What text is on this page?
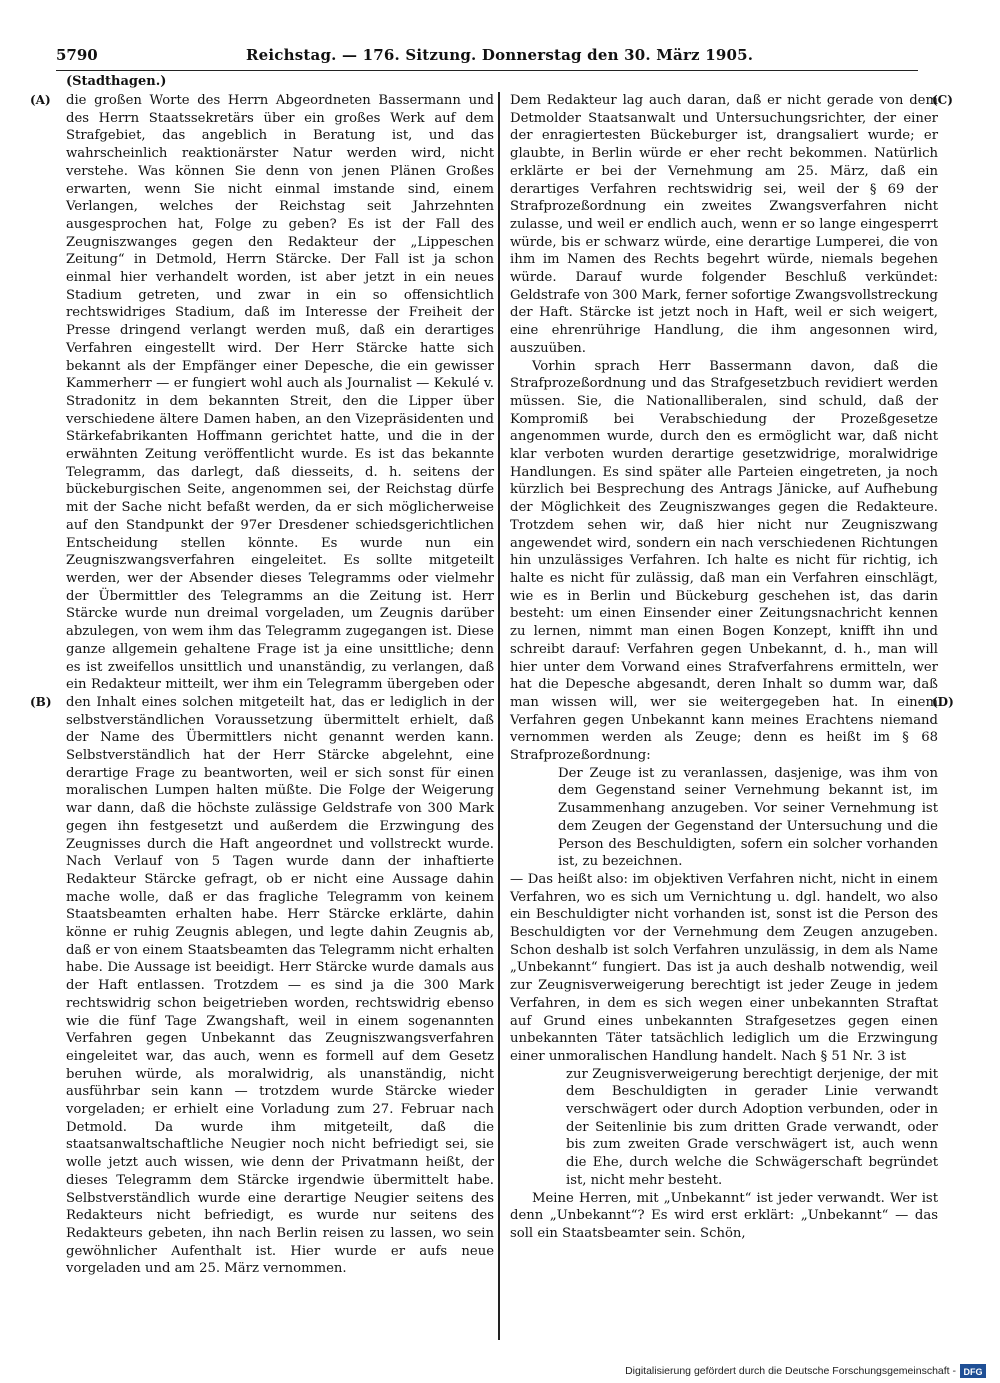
5790	Reichstag. — 176. Sitzung. Donnerstag den 30. März 1905.
(Stadthagen.)
(A)
(B)
(C)
(D)

die großen Worte des Herrn Abgeordneten Bassermann und des Herrn Staatssekretärs über ein großes Werk auf dem Strafgebiet, das angeblich in Beratung ist, und das wahrscheinlich reaktionärster Natur werden wird, nicht verstehe. Was können Sie denn von jenen Plänen Großes erwarten, wenn Sie nicht einmal imstande sind, einem Verlangen, welches der Reichstag seit Jahrzehnten ausgesprochen hat, Folge zu geben? Es ist der Fall des Zeugniszwanges gegen den Redakteur der „Lippeschen Zeitung“ in Detmold, Herrn Stärcke. Der Fall ist ja schon einmal hier verhandelt worden, ist aber jetzt in ein neues Stadium getreten, und zwar in ein so offensichtlich rechtswidriges Stadium, daß im Interesse der Freiheit der Presse dringend verlangt werden muß, daß ein derartiges Verfahren eingestellt wird. Der Herr Stärcke hatte sich bekannt als der Empfänger einer Depesche, die ein gewisser Kammerherr — er fungiert wohl auch als Journalist — Kekulé v. Stradonitz in dem bekannten Streit, den die Lipper über verschiedene ältere Damen haben, an den Vizepräsidenten und Stärkefabrikanten Hoffmann gerichtet hatte, und die in der erwähnten Zeitung veröffentlicht wurde. Es ist das bekannte Telegramm, das darlegt, daß diesseits, d. h. seitens der bückeburgischen Seite, angenommen sei, der Reichstag dürfe mit der Sache nicht befaßt werden, da er sich möglicherweise auf den Standpunkt der 97er Dresdener schiedsgerichtlichen Entscheidung stellen könnte. Es wurde nun ein Zeugniszwangsverfahren eingeleitet. Es sollte mitgeteilt werden, wer der Absender dieses Telegramms oder vielmehr der Übermittler des Telegramms an die Zeitung ist. Herr Stärcke wurde nun dreimal vorgeladen, um Zeugnis darüber abzulegen, von wem ihm das Telegramm zugegangen ist. Diese ganze allgemein gehaltene Frage ist ja eine unsittliche; denn es ist zweifellos unsittlich und unanständig, zu verlangen, daß ein Redakteur mitteilt, wer ihm ein Telegramm übergeben oder den Inhalt eines solchen mitgeteilt hat, das er lediglich in der selbstverständlichen Voraussetzung übermittelt erhielt, daß der Name des Übermittlers nicht genannt werden kann. Selbstverständlich hat der Herr Stärcke abgelehnt, eine derartige Frage zu beantworten, weil er sich sonst für einen moralischen Lumpen halten müßte. Die Folge der Weigerung war dann, daß die höchste zulässige Geldstrafe von 300 Mark gegen ihn festgesetzt und außerdem die Erzwingung des Zeugnisses durch die Haft angeordnet und vollstreckt wurde. Nach Verlauf von 5 Tagen wurde dann der inhaftierte Redakteur Stärcke gefragt, ob er nicht eine Aussage dahin mache wolle, daß er das fragliche Telegramm von keinem Staatsbeamten erhalten habe. Herr Stärcke erklärte, dahin könne er ruhig Zeugnis ablegen, und legte dahin Zeugnis ab, daß er von einem Staatsbeamten das Telegramm nicht erhalten habe. Die Aussage ist beeidigt. Herr Stärcke wurde damals aus der Haft entlassen. Trotzdem — es sind ja die 300 Mark rechtswidrig schon beigetrieben worden, rechtswidrig ebenso wie die fünf Tage Zwangshaft, weil in einem sogenannten Verfahren gegen Unbekannt das Zeugniszwangsverfahren eingeleitet war, das auch, wenn es formell auf dem Gesetz beruhen würde, als moralwidrig, als unanständig, nicht ausführbar sein kann — trotzdem wurde Stärcke wieder vorgeladen; er erhielt eine Vorladung zum 27. Februar nach Detmold. Da wurde ihm mitgeteilt, daß die staatsanwaltschaftliche Neugier noch nicht befriedigt sei, sie wolle jetzt auch wissen, wie denn der Privatmann heißt, der dieses Telegramm dem Stärcke irgendwie übermittelt habe. Selbstverständlich wurde eine derartige Neugier seitens des Redakteurs nicht befriedigt, es wurde nur seitens des Redakteurs gebeten, ihn nach Berlin reisen zu lassen, wo sein gewöhnlicher Aufenthalt ist. Hier wurde er aufs neue vorgeladen und am 25. März vernommen.

Dem Redakteur lag auch daran, daß er nicht gerade von dem Detmolder Staatsanwalt und Untersuchungsrichter, der einer der enragiertesten Bückeburger ist, drangsaliert wurde; er glaubte, in Berlin würde er eher recht bekommen. Natürlich erklärte er bei der Vernehmung am 25. März, daß ein derartiges Verfahren rechtswidrig sei, weil der § 69 der Strafprozeßordnung ein zweites Zwangsverfahren nicht zulasse, und weil er endlich auch, wenn er so lange eingesperrt würde, bis er schwarz würde, eine derartige Lumperei, die von ihm im Namen des Rechts begehrt würde, niemals begehen würde. Darauf wurde folgender Beschluß verkündet: Geldstrafe von 300 Mark, ferner sofortige Zwangsvollstreckung der Haft. Stärcke ist jetzt noch in Haft, weil er sich weigert, eine ehrenrührige Handlung, die ihm angesonnen wird, auszuüben.

Vorhin sprach Herr Bassermann davon, daß die Strafprozeßordnung und das Strafgesetzbuch revidiert werden müssen. Sie, die Nationalliberalen, sind schuld, daß der Kompromiß bei Verabschiedung der Prozeßgesetze angenommen wurde, durch den es ermöglicht war, daß nicht klar verboten wurden derartige gesetzwidrige, moralwidrige Handlungen. Es sind später alle Parteien eingetreten, ja noch kürzlich bei Besprechung des Antrags Jänicke, auf Aufhebung der Möglichkeit des Zeugniszwanges gegen die Redakteure. Trotzdem sehen wir, daß hier nicht nur Zeugniszwang angewendet wird, sondern ein nach verschiedenen Richtungen hin unzulässiges Verfahren. Ich halte es nicht für richtig, ich halte es nicht für zulässig, daß man ein Verfahren einschlägt, wie es in Berlin und Bückeburg geschehen ist, das darin besteht: um einen Einsender einer Zeitungsnachricht kennen zu lernen, nimmt man einen Bogen Konzept, knifft ihn und schreibt darauf: Verfahren gegen Unbekannt, d. h., man will hier unter dem Vorwand eines Strafverfahrens ermitteln, wer hat die Depesche abgesandt, deren Inhalt so dumm war, daß man wissen will, wer sie weitergegeben hat. In einem Verfahren gegen Unbekannt kann meines Erachtens niemand vernommen werden als Zeuge; denn es heißt im § 68 Strafprozeßordnung:

Der Zeuge ist zu veranlassen, dasjenige, was ihm von dem Gegenstand seiner Vernehmung bekannt ist, im Zusammenhang anzugeben. Vor seiner Vernehmung ist dem Zeugen der Gegenstand der Untersuchung und die Person des Beschuldigten, sofern ein solcher vorhanden ist, zu bezeichnen.

— Das heißt also: im objektiven Verfahren nicht, nicht in einem Verfahren, wo es sich um Vernichtung u. dgl. handelt, wo also ein Beschuldigter nicht vorhanden ist, sonst ist die Person des Beschuldigten vor der Vernehmung dem Zeugen anzugeben. Schon deshalb ist solch Verfahren unzulässig, in dem als Name „Unbekannt“ fungiert. Das ist ja auch deshalb notwendig, weil zur Zeugnisverweigerung berechtigt ist jeder Zeuge in jedem Verfahren, in dem es sich wegen einer unbekannten Straftat auf Grund eines unbekannten Strafgesetzes gegen einen unbekannten Täter tatsächlich lediglich um die Erzwingung einer unmoralischen Handlung handelt. Nach § 51 Nr. 3 ist

zur Zeugnisverweigerung berechtigt derjenige, der mit dem Beschuldigten in gerader Linie verwandt verschwägert oder durch Adoption verbunden, oder in der Seitenlinie bis zum dritten Grade verwandt, oder bis zum zweiten Grade verschwägert ist, auch wenn die Ehe, durch welche die Schwägerschaft begründet ist, nicht mehr besteht.

Meine Herren, mit „Unbekannt“ ist jeder verwandt. Wer ist denn „Unbekannt“? Es wird erst erklärt: „Unbekannt“ — das soll ein Staatsbeamter sein. Schön,

Digitalisierung gefördert durch die Deutsche Forschungsgemeinschaft - DFG
